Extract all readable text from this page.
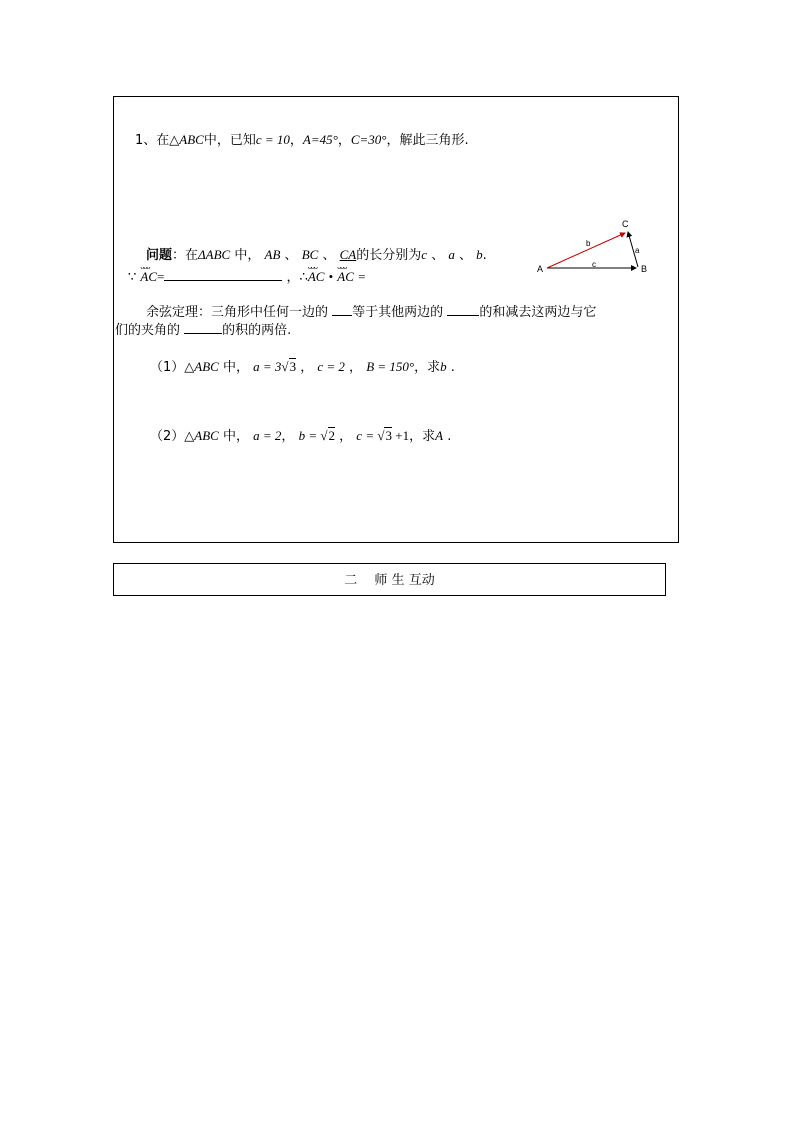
1、在△ABC中，已知c = 10，A=45°，C=30°，解此三角形.
问题：在ΔABC 中， AB 、 BC 、 CA的长分别为c 、 a 、 b.
∵ ᴗᴗᴗ AC=	，∴ᴗᴗᴗ AC • ᴗᴗᴗ AC =	A	B
C
a
b
c
余弦定理：三角形中任何一边的 等于其他两边的	的和减去这两边与它
们的夹角的	的积的两倍.
（1）△ABC 中， a = 3√3 ， c = 2 ， B = 150°，求b .
（2）△ABC 中， a = 2， b = √2 ， c = √3 +1，求A .
二　 师 生 互动
